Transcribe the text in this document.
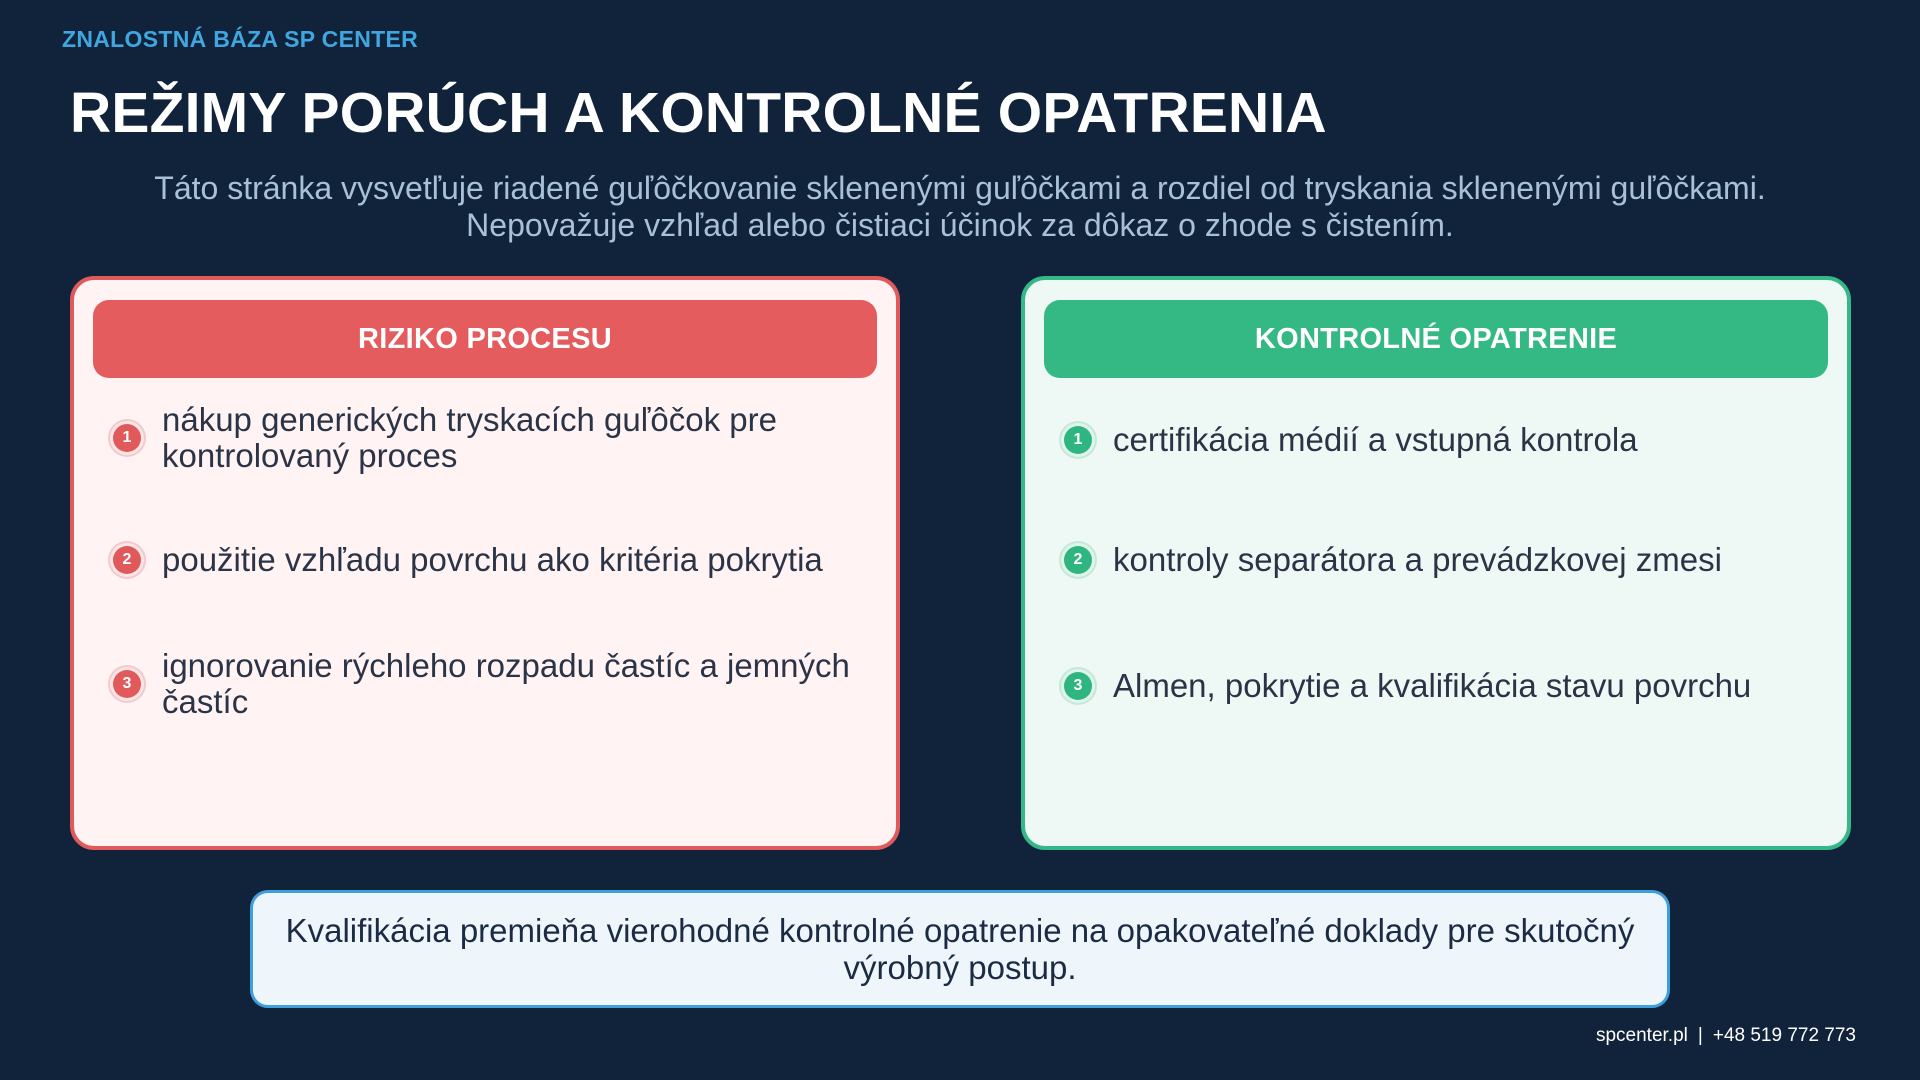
ZNALOSTNÁ BÁZA SP CENTER
REŽIMY PORÚCH A KONTROLNÉ OPATRENIA
Táto stránka vysvetľuje riadené guľôčkovanie sklenenými guľôčkami a rozdiel od tryskania sklenenými guľôčkami.
Nepovažuje vzhľad alebo čistiaci účinok za dôkaz o zhode s čistením.
RIZIKO PROCESU
1 nákup generických tryskacích guľôčok pre kontrolovaný proces
2 použitie vzhľadu povrchu ako kritéria pokrytia
3 ignorovanie rýchleho rozpadu častíc a jemných častíc
KONTROLNÉ OPATRENIE
1 certifikácia médií a vstupná kontrola
2 kontroly separátora a prevádzkovej zmesi
3 Almen, pokrytie a kvalifikácia stavu povrchu
Kvalifikácia premieňa vierohodné kontrolné opatrenie na opakovateľné doklady pre skutočný výrobný postup.
spcenter.pl | +48 519 772 773
